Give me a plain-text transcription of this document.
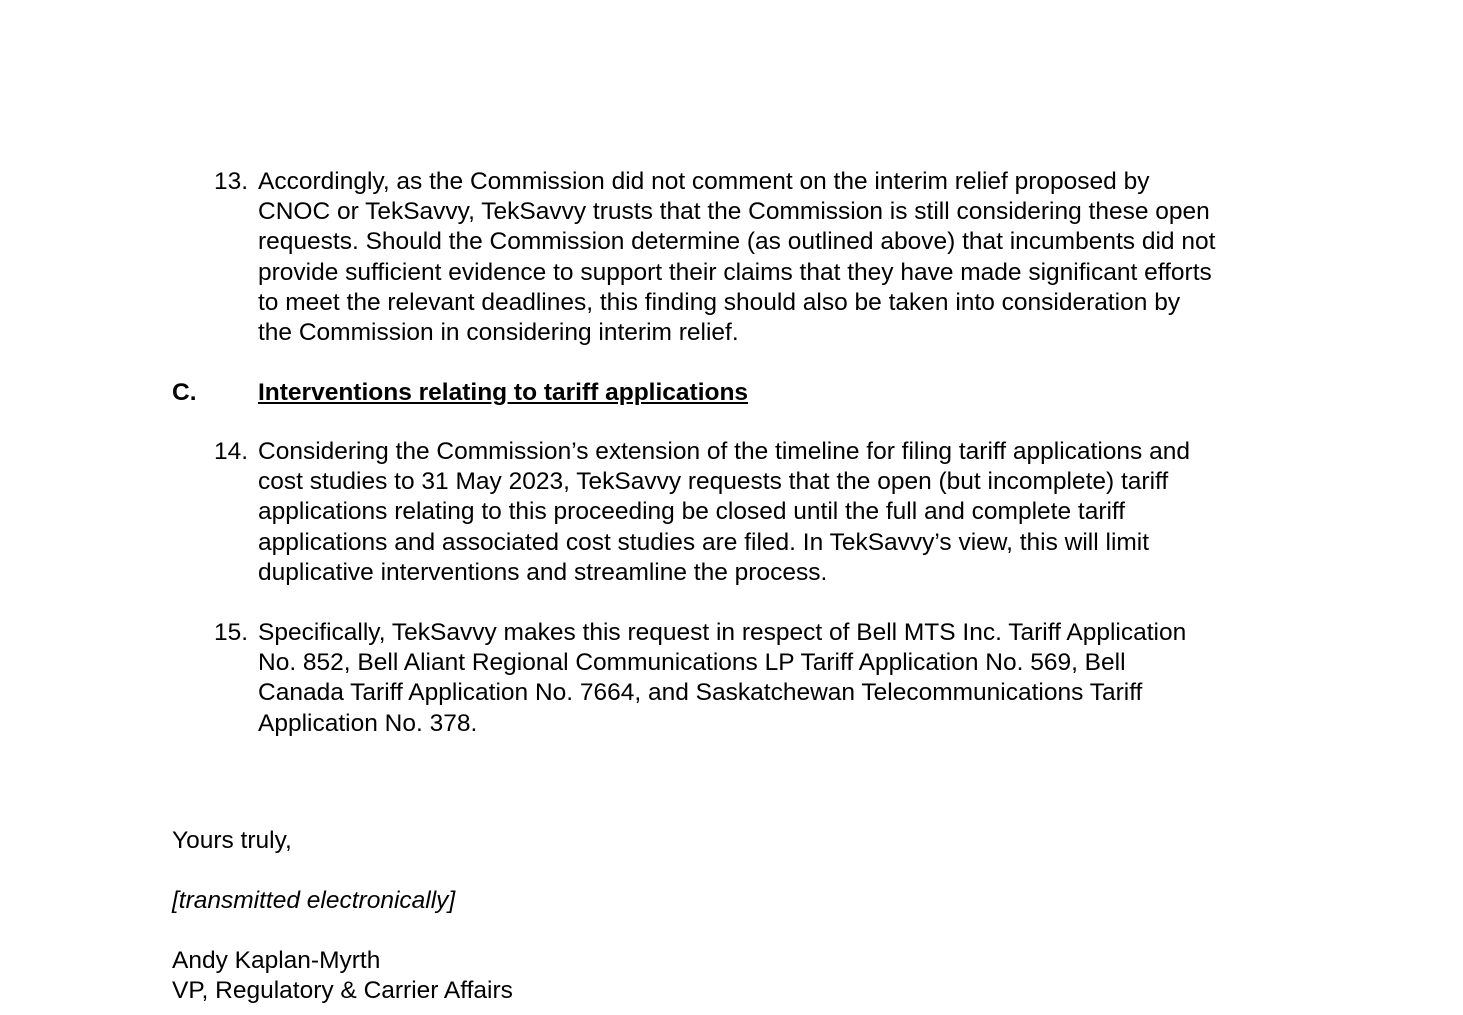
13. Accordingly, as the Commission did not comment on the interim relief proposed by
CNOC or TekSavvy, TekSavvy trusts that the Commission is still considering these open
requests. Should the Commission determine (as outlined above) that incumbents did not
provide sufficient evidence to support their claims that they have made significant efforts
to meet the relevant deadlines, this finding should also be taken into consideration by
the Commission in considering interim relief.
C.	Interventions relating to tariff applications
14. Considering the Commission’s extension of the timeline for filing tariff applications and
cost studies to 31 May 2023, TekSavvy requests that the open (but incomplete) tariff
applications relating to this proceeding be closed until the full and complete tariff
applications and associated cost studies are filed. In TekSavvy’s view, this will limit
duplicative interventions and streamline the process.
15. Specifically, TekSavvy makes this request in respect of Bell MTS Inc. Tariff Application
No. 852, Bell Aliant Regional Communications LP Tariff Application No. 569, Bell
Canada Tariff Application No. 7664, and Saskatchewan Telecommunications Tariff
Application No. 378.
Yours truly,
[transmitted electronically]
Andy Kaplan-Myrth
VP, Regulatory & Carrier Affairs
